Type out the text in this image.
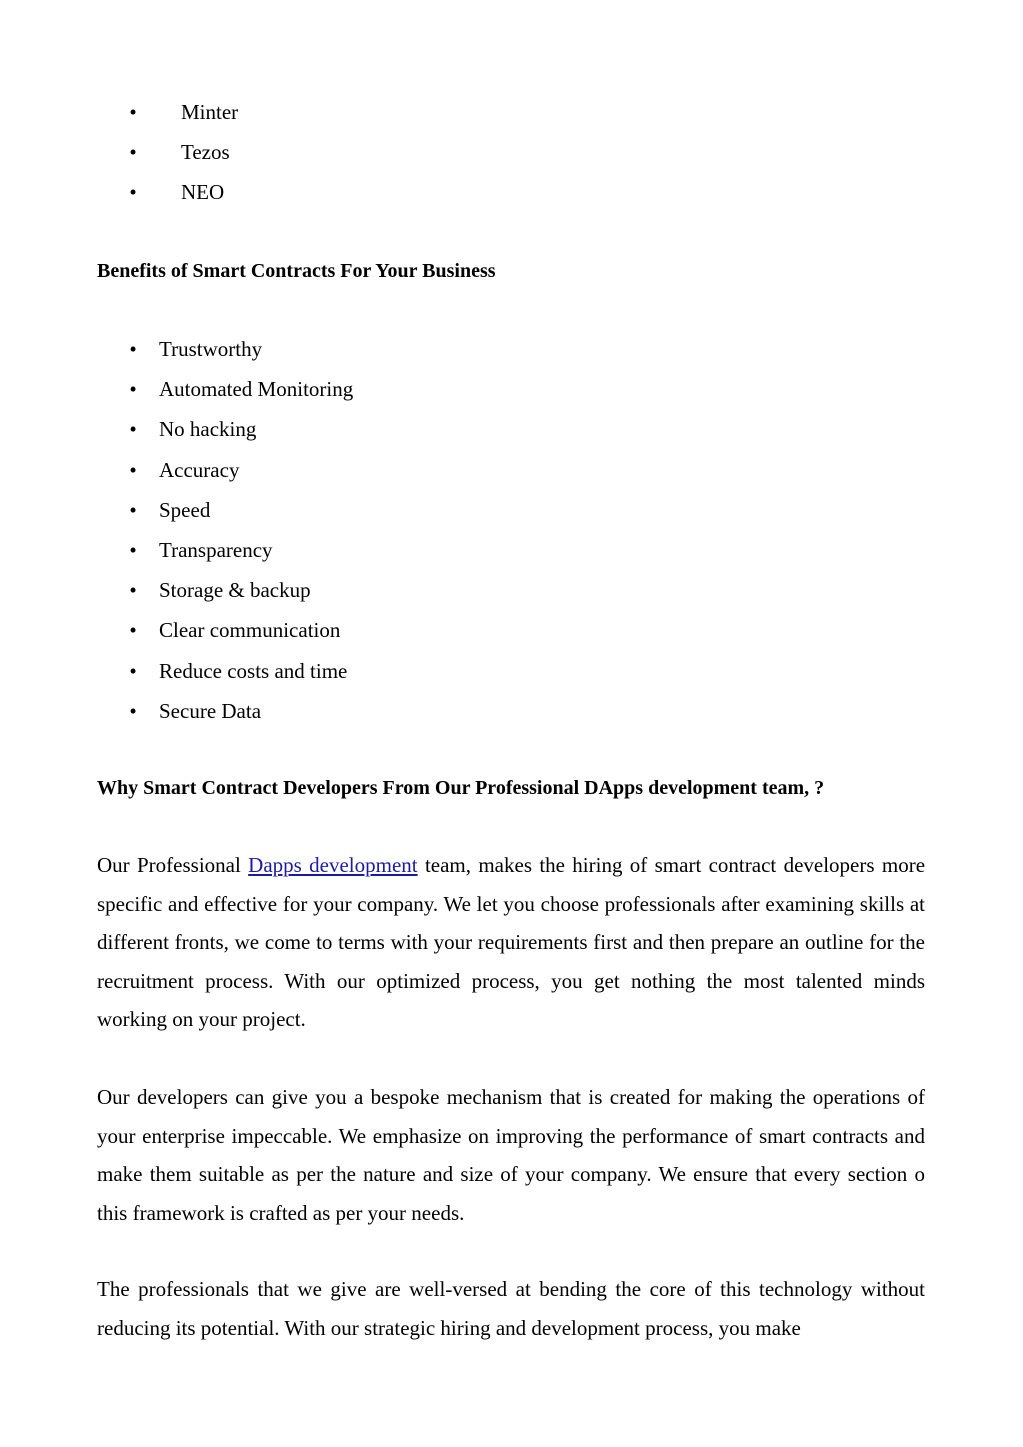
• Minter
• Tezos
• NEO
Benefits of Smart Contracts For Your Business
• Trustworthy
• Automated Monitoring
• No hacking
• Accuracy
• Speed
• Transparency
• Storage & backup
• Clear communication
• Reduce costs and time
• Secure Data
Why Smart Contract Developers From Our Professional DApps development team, ?

Our Professional Dapps development team, makes the hiring of smart contract developers more specific and effective for your company. We let you choose professionals after examining skills at different fronts, we come to terms with your requirements first and then prepare an outline for the recruitment process. With our optimized process, you get nothing the most talented minds working on your project.

Our developers can give you a bespoke mechanism that is created for making the operations of your enterprise impeccable. We emphasize on improving the performance of smart contracts and make them suitable as per the nature and size of your company. We ensure that every section o this framework is crafted as per your needs.

The professionals that we give are well-versed at bending the core of this technology without reducing its potential. With our strategic hiring and development process, you make
